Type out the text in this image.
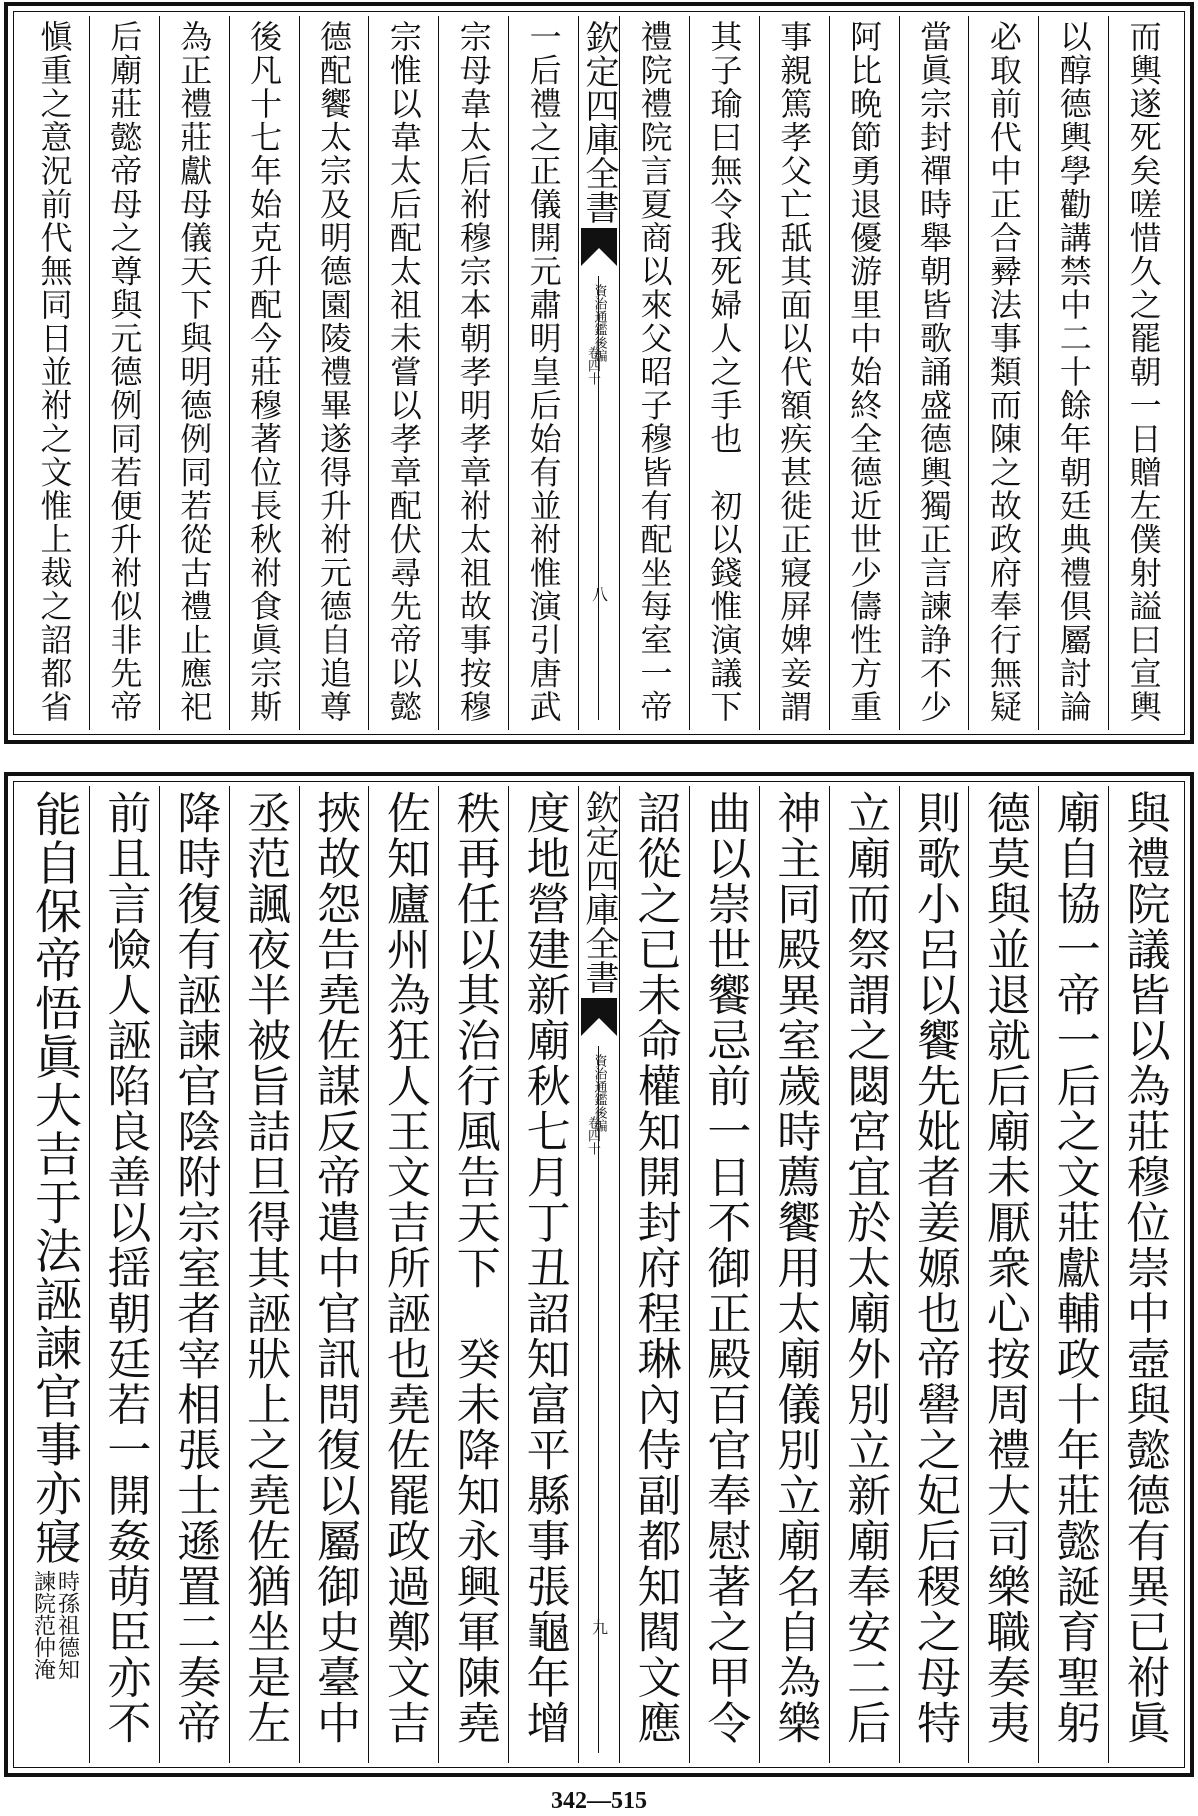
而輿遂死矣嗟惜久之罷朝一日贈左僕射謚曰宣輿
以醇德輿學勸講禁中二十餘年朝廷典禮倶屬討論
必取前代中正合彛法事類而陳之故政府奉行無疑
當眞宗封禪時舉朝皆歌誦盛德輿獨正言諫諍不少
阿比晩節勇退優游里中始終全德近世少儔性方重
事親篤孝父亡舐其面以代額疾甚徙正寢屏婢妾謂
其子瑜曰無令我死婦人之手也　初以錢惟演議下
禮院禮院言夏商以來父昭子穆皆有配坐每室一帝
欽定四庫全書
資治通鑑後編
卷四十
八
一后禮之正儀開元肅明皇后始有並祔惟演引唐武
宗母韋太后祔穆宗本朝孝明孝章祔太祖故事按穆
宗惟以韋太后配太祖未嘗以孝章配伏尋先帝以懿
德配饗太宗及明德園陵禮畢遂得升祔元德自追尊
後凡十七年始克升配今莊穆著位長秋祔食眞宗斯
為正禮莊獻母儀天下與明德例同若從古禮止應祀
后廟莊懿帝母之尊與元德例同若便升祔似非先帝
愼重之意況前代無同日並祔之文惟上裁之詔都省
與禮院議皆以為莊穆位崇中壼與懿德有異已祔眞
廟自協一帝一后之文莊獻輔政十年莊懿誕育聖躬
德莫與並退就后廟未厭衆心按周禮大司樂職奏夷
則歌小呂以饗先妣者姜嫄也帝嚳之妃后稷之母特
立廟而祭謂之閟宮宜於太廟外別立新廟奉安二后
神主同殿異室歲時薦饗用太廟儀別立廟名自為樂
曲以崇世饗忌前一日不御正殿百官奉慰著之甲令
詔從之已未命權知開封府程琳內侍副都知閻文應
欽定四庫全書
資治通鑑後編
卷四十
九
度地營建新廟秋七月丁丑詔知富平縣事張龜年增
秩再任以其治行風告天下　癸未降知永興軍陳堯
佐知廬州為狂人王文吉所誣也堯佐罷政過鄭文吉
挾故怨告堯佐謀反帝遣中官訊問復以屬御史臺中
丞范諷夜半被旨詰旦得其誣狀上之堯佐猶坐是左
降時復有誣諫官陰附宗室者宰相張士遜置二奏帝
前且言憸人誣陷良善以揺朝廷若一開姦萌臣亦不
能自保帝悟眞大吉于法誣諫官事亦寢
時孫祖德知
諫院范仲淹
342—515
